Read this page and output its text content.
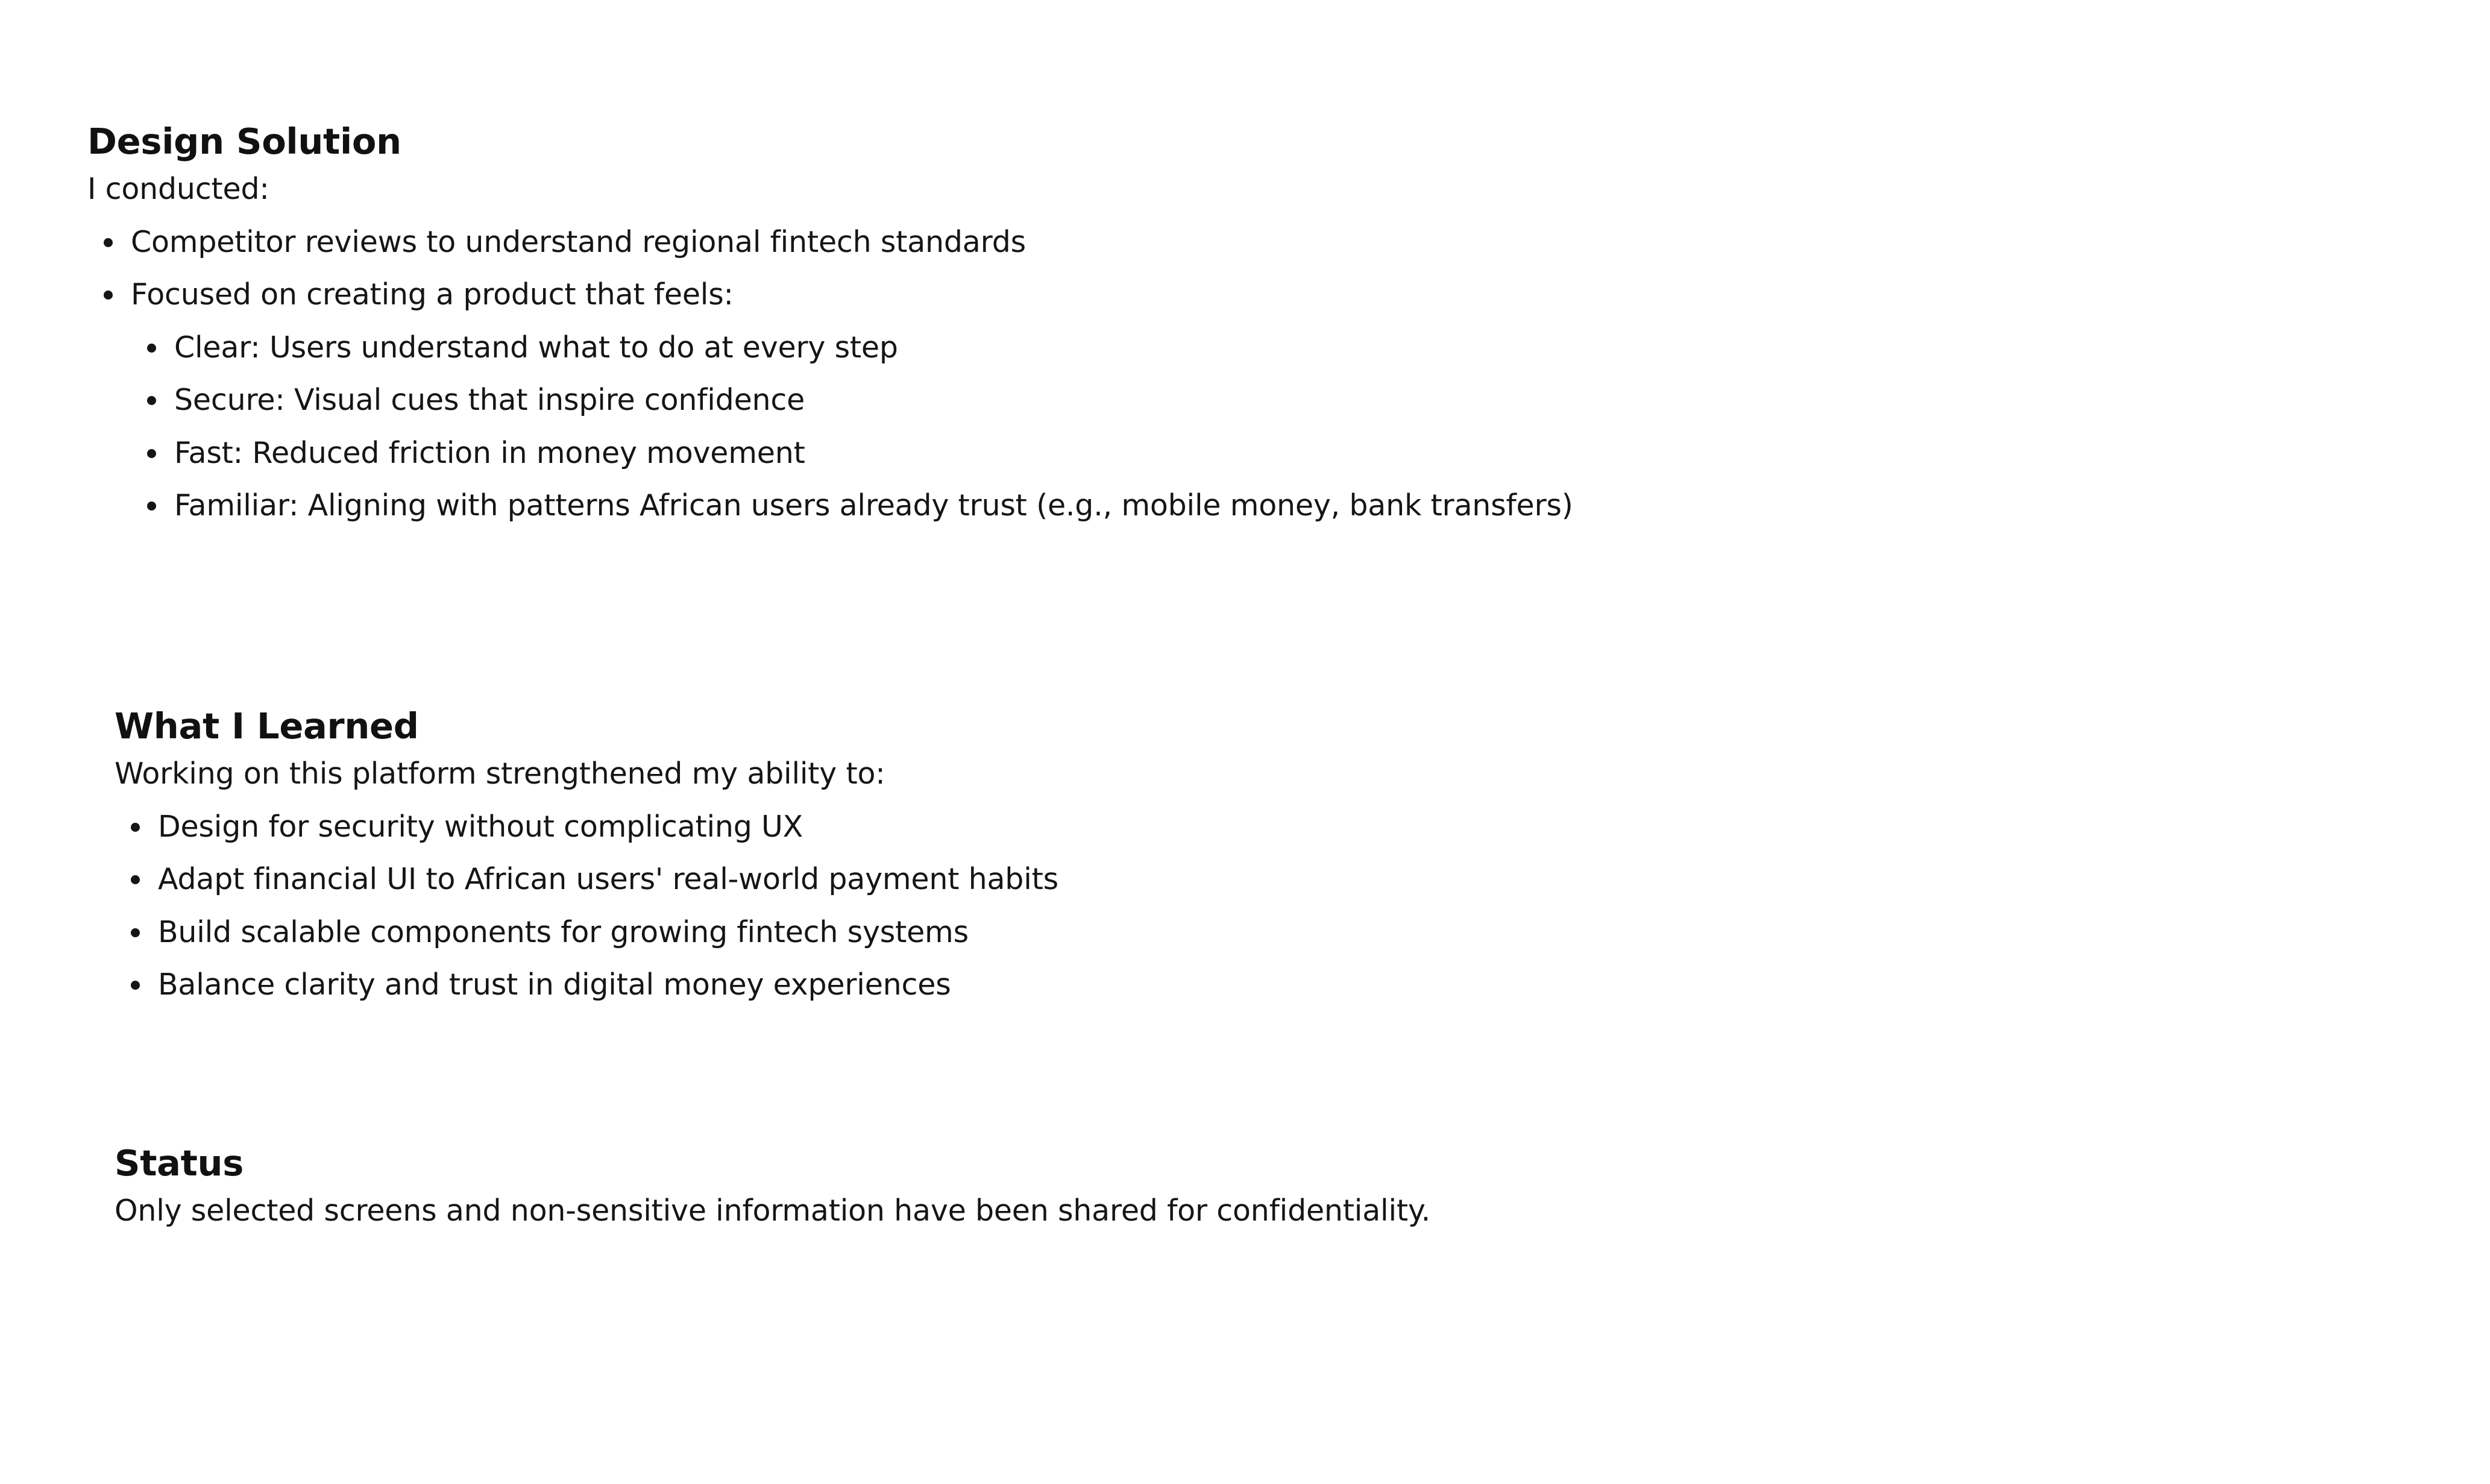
Design Solution

I conducted:

Competitor reviews to understand regional fintech standards
Focused on creating a product that feels:
Clear: Users understand what to do at every step
Secure: Visual cues that inspire confidence
Fast: Reduced friction in money movement
Familiar: Aligning with patterns African users already trust (e.g., mobile money, bank transfers)
What I Learned

Working on this platform strengthened my ability to:

Design for security without complicating UX
Adapt financial UI to African users' real-world payment habits
Build scalable components for growing fintech systems
Balance clarity and trust in digital money experiences
Status

Only selected screens and non-sensitive information have been shared for confidentiality.
